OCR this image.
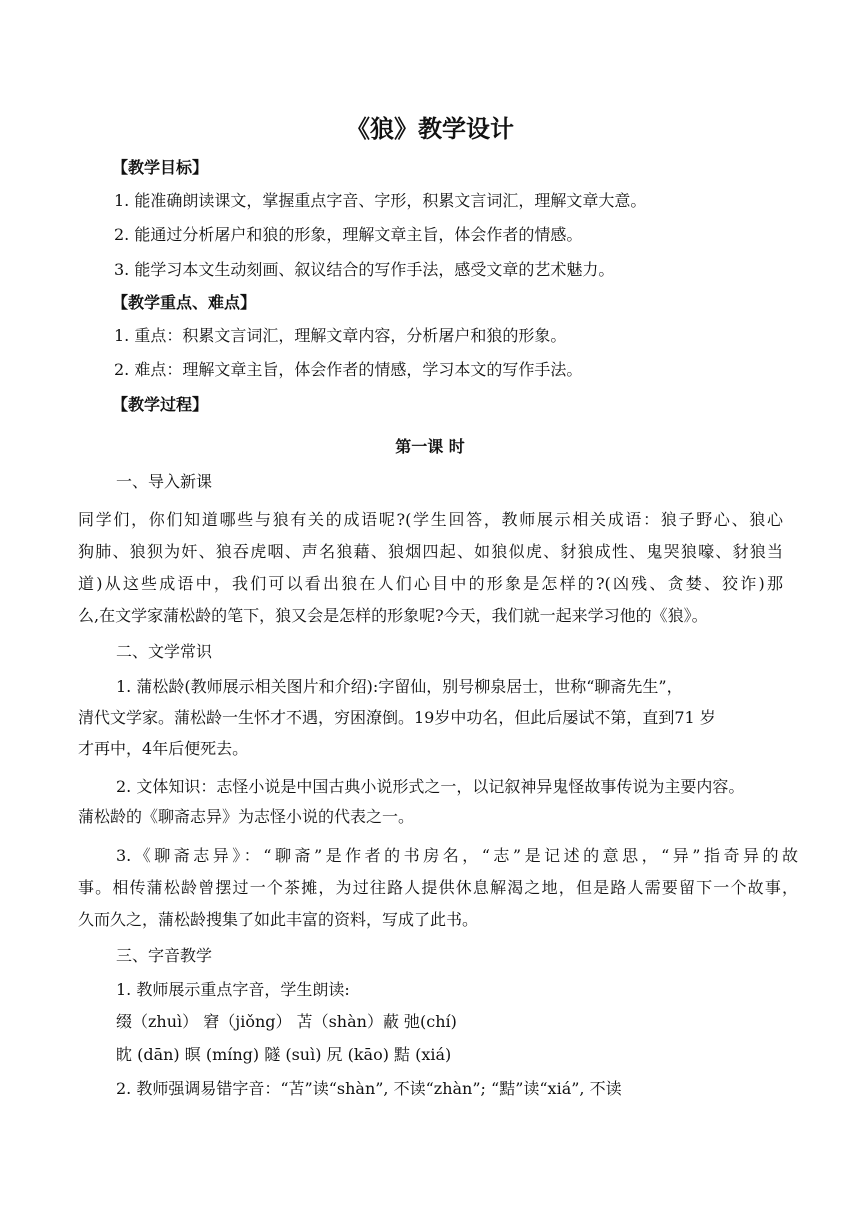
《狼》教学设计
【教学目标】
1. 能准确朗读课文，掌握重点字音、字形，积累文言词汇，理解文章大意。
2. 能通过分析屠户和狼的形象，理解文章主旨，体会作者的情感。
3. 能学习本文生动刻画、叙议结合的写作手法，感受文章的艺术魅力。
【教学重点、难点】
1. 重点：积累文言词汇，理解文章内容，分析屠户和狼的形象。
2. 难点：理解文章主旨，体会作者的情感，学习本文的写作手法。
【教学过程】
第一课 时
一、导入新课
同学们，你们知道哪些与狼有关的成语呢?(学生回答，教师展示相关成语：狼子野心、狼心
狗肺、狼狈为奸、狼吞虎咽、声名狼藉、狼烟四起、如狼似虎、豺狼成性、鬼哭狼嚎、豺狼当
道)从这些成语中，我们可以看出狼在人们心目中的形象是怎样的?(凶残、贪婪、狡诈)那
么,在文学家蒲松龄的笔下，狼又会是怎样的形象呢?今天，我们就一起来学习他的《狼》。
二、文学常识
1. 蒲松龄(教师展示相关图片和介绍):字留仙，别号柳泉居士，世称“聊斋先生”，
清代文学家。蒲松龄一生怀才不遇，穷困潦倒。19岁中功名，但此后屡试不第，直到71 岁
才再中，4年后便死去。
2. 文体知识：志怪小说是中国古典小说形式之一，以记叙神异鬼怪故事传说为主要内容。
蒲松龄的《聊斋志异》为志怪小说的代表之一。
3.《聊斋志异》：“聊斋”是作者的书房名，“志”是记述的意思，“异”指奇异的故
事。相传蒲松龄曾摆过一个茶摊，为过往路人提供休息解渴之地，但是路人需要留下一个故事，
久而久之，蒲松龄搜集了如此丰富的资料，写成了此书。
三、字音教学
1. 教师展示重点字音，学生朗读:
缀（zhuì） 窘（jiǒng） 苫（shàn）蔽 弛(chí)
眈 (dān) 暝 (míng) 隧 (suì) 尻 (kāo) 黠 (xiá)
2. 教师强调易错字音：“苫”读“shàn”, 不读“zhàn”; “黠”读“xiá”, 不读
